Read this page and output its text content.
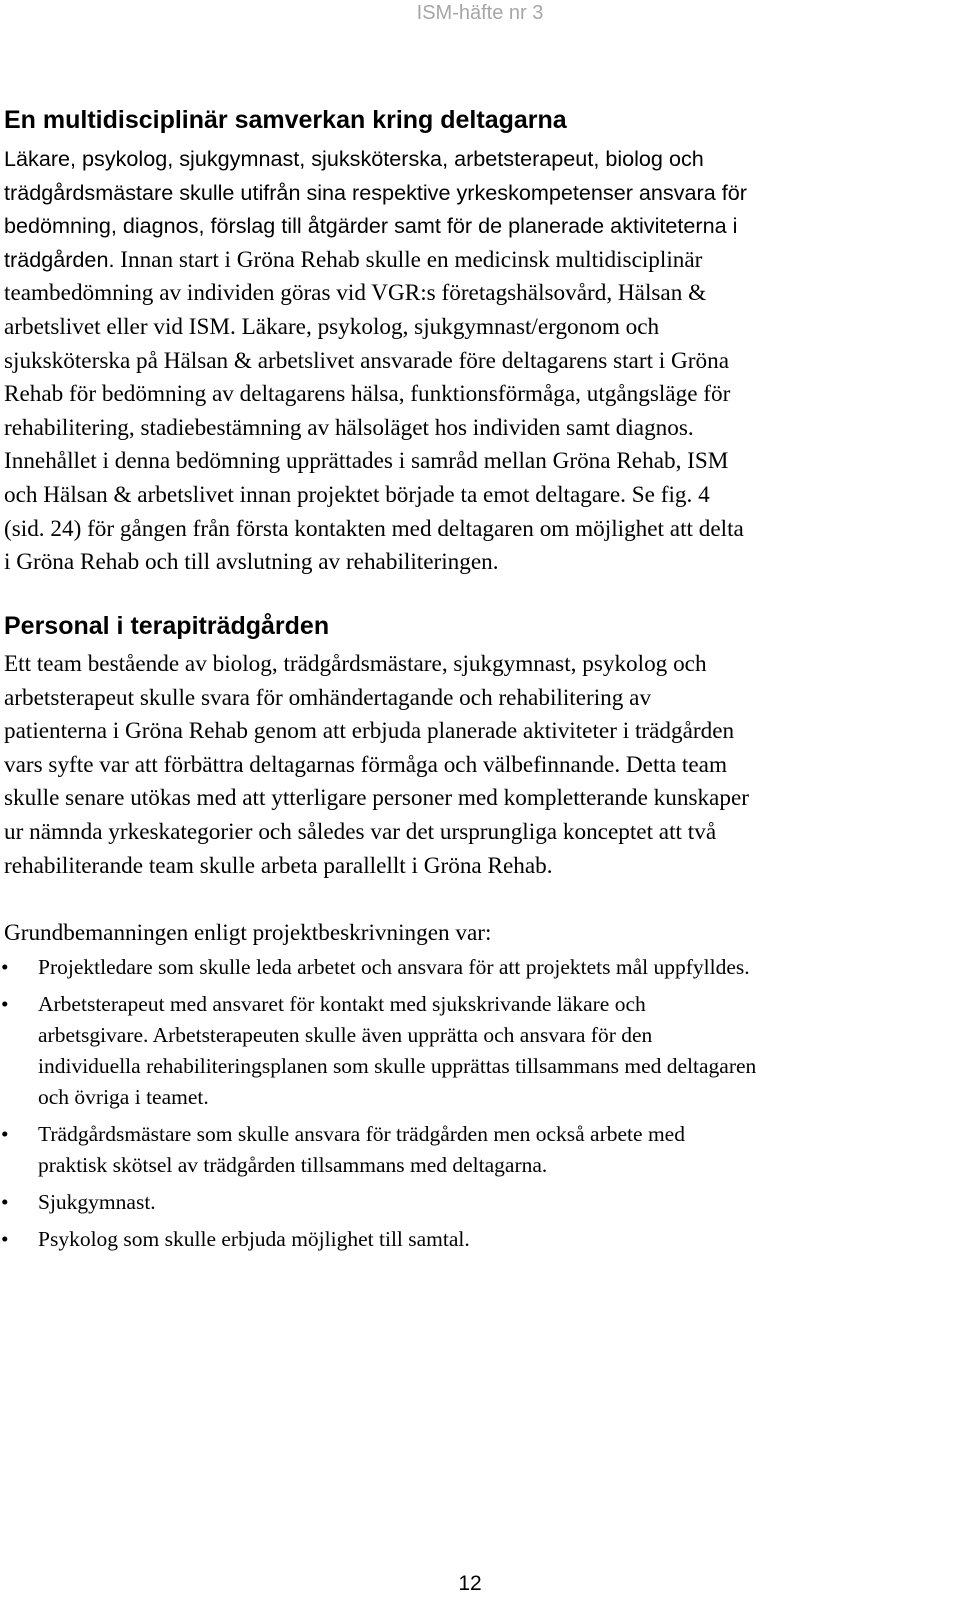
ISM-häfte nr 3
En multidisciplinär samverkan kring deltagarna
Läkare, psykolog, sjukgymnast, sjuksköterska, arbetsterapeut, biolog och
trädgårdsmästare skulle utifrån sina respektive yrkeskompetenser ansvara för
bedömning, diagnos, förslag till åtgärder samt för de planerade aktiviteterna i
trädgården. Innan start i Gröna Rehab skulle en medicinsk multidisciplinär
teambedömning av individen göras vid VGR:s företagshälsovård, Hälsan &
arbetslivet eller vid ISM. Läkare, psykolog, sjukgymnast/ergonom och
sjuksköterska på Hälsan & arbetslivet ansvarade före deltagarens start i Gröna
Rehab för bedömning av deltagarens hälsa, funktionsförmåga, utgångsläge för
rehabilitering, stadiebestämning av hälsoläget hos individen samt diagnos.
Innehållet i denna bedömning upprättades i samråd mellan Gröna Rehab, ISM
och Hälsan & arbetslivet innan projektet började ta emot deltagare. Se fig. 4
(sid. 24) för gången från första kontakten med deltagaren om möjlighet att delta
i Gröna Rehab och till avslutning av rehabiliteringen.
Personal i terapiträdgården
Ett team bestående av biolog, trädgårdsmästare, sjukgymnast, psykolog och
arbetsterapeut skulle svara för omhändertagande och rehabilitering av
patienterna i Gröna Rehab genom att erbjuda planerade aktiviteter i trädgården
vars syfte var att förbättra deltagarnas förmåga och välbefinnande. Detta team
skulle senare utökas med att ytterligare personer med kompletterande kunskaper
ur nämnda yrkeskategorier och således var det ursprungliga konceptet att två
rehabiliterande team skulle arbeta parallellt i Gröna Rehab.
Grundbemanningen enligt projektbeskrivningen var:
• Projektledare som skulle leda arbetet och ansvara för att projektets mål uppfylldes.
• Arbetsterapeut med ansvaret för kontakt med sjukskrivande läkare och
arbetsgivare. Arbetsterapeuten skulle även upprätta och ansvara för den
individuella rehabiliteringsplanen som skulle upprättas tillsammans med deltagaren
och övriga i teamet.
• Trädgårdsmästare som skulle ansvara för trädgården men också arbete med
praktisk skötsel av trädgården tillsammans med deltagarna.
• Sjukgymnast.
• Psykolog som skulle erbjuda möjlighet till samtal.
12
